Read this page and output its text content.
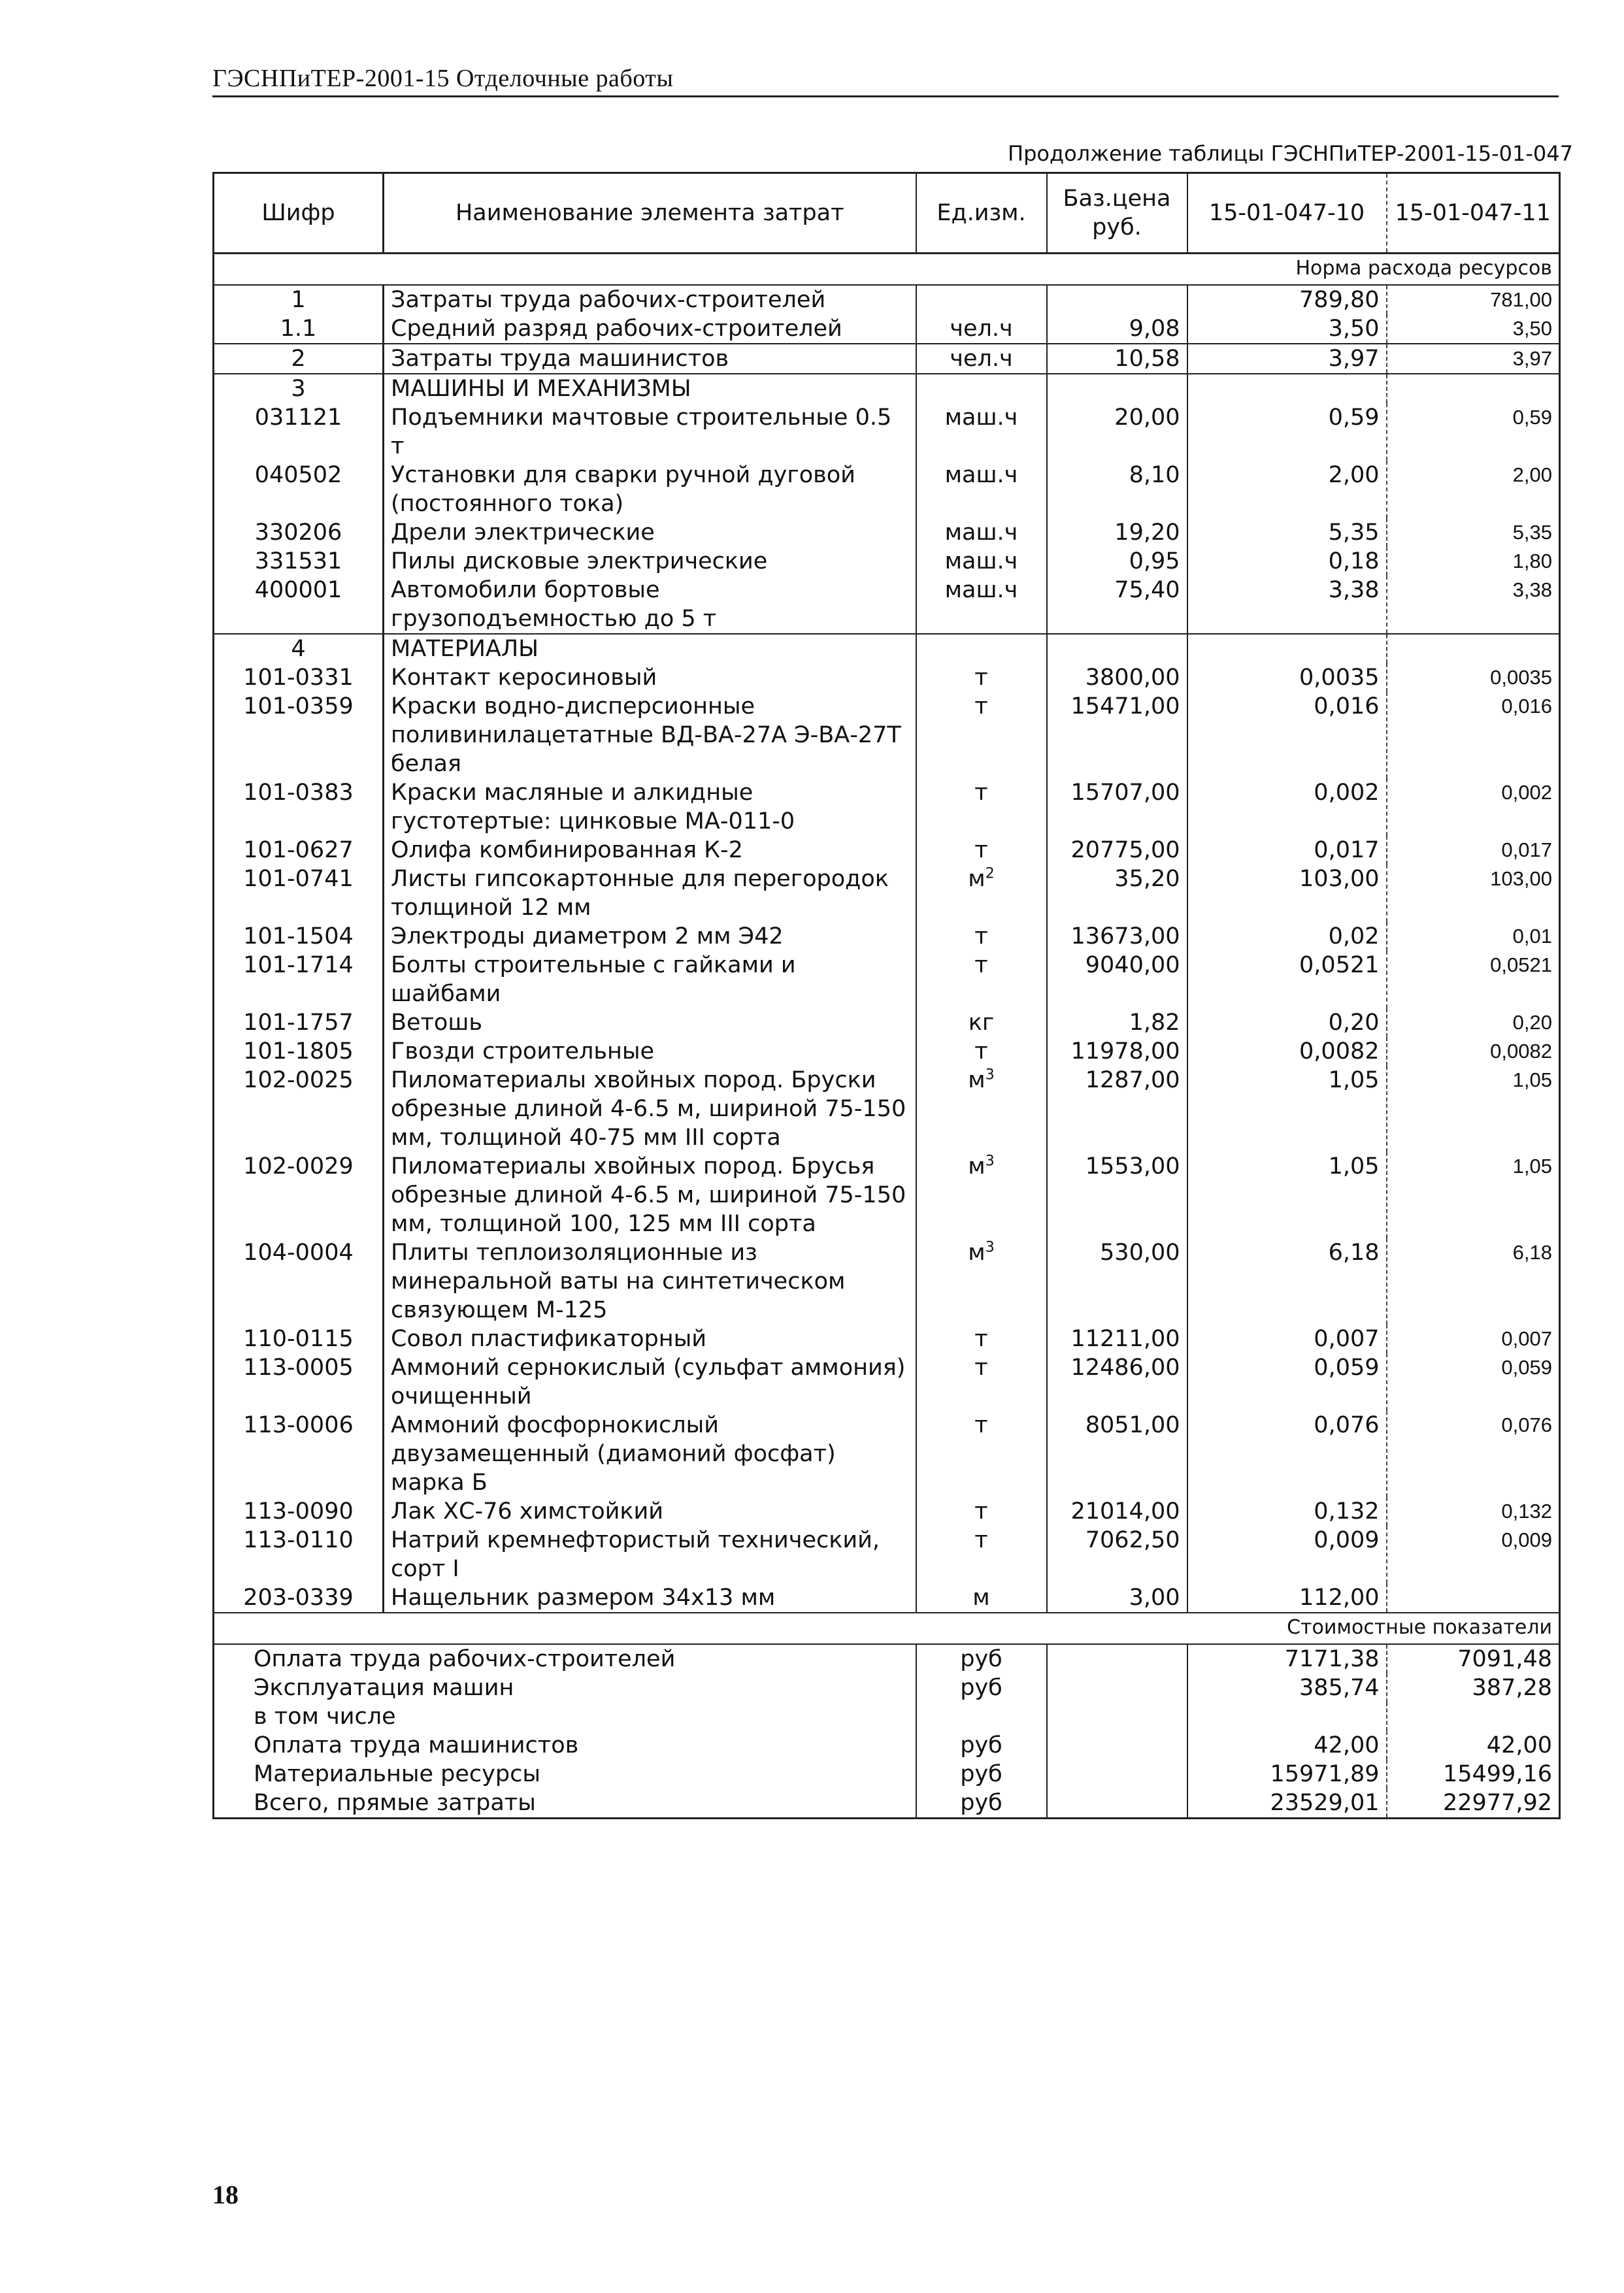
ГЭСНПиТЕР-2001-15 Отделочные работы
Продолжение таблицы ГЭСНПиТЕР-2001-15-01-047
Шифр	Наименование элемента затрат	Ед.изм.	Баз.цена руб.	15-01-047-10	15-01-047-11
Норма расхода ресурсов					
1	Затраты труда рабочих-строителей			789,80	781,00
1.1	Средний разряд рабочих-строителей	чел.ч	9,08	3,50	3,50
2	Затраты труда машинистов	чел.ч	10,58	3,97	3,97
3	МАШИНЫ И МЕХАНИЗМЫ				
031121	Подъемники мачтовые строительные 0.5 т	маш.ч	20,00	0,59	0,59
040502	Установки для сварки ручной дуговой (постоянного тока)	маш.ч	8,10	2,00	2,00
330206	Дрели электрические	маш.ч	19,20	5,35	5,35
331531	Пилы дисковые электрические	маш.ч	0,95	0,18	1,80
400001	Автомобили бортовые грузоподъемностью до 5 т	маш.ч	75,40	3,38	3,38
4	МАТЕРИАЛЫ				
101-0331	Контакт керосиновый	т	3800,00	0,0035	0,0035
101-0359	Краски водно-дисперсионные поливинилацетатные ВД-ВА-27А Э-ВА-27Т белая	т	15471,00	0,016	0,016
101-0383	Краски масляные и алкидные густотертые: цинковые МА-011-0	т	15707,00	0,002	0,002
101-0627	Олифа комбинированная К-2	т	20775,00	0,017	0,017
101-0741	Листы гипсокартонные для перегородок толщиной 12 мм	$м^2$	35,20	103,00	103,00
101-1504	Электроды диаметром 2 мм Э42	т	13673,00	0,02	0,01
101-1714	Болты строительные с гайками и шайбами	т	9040,00	0,0521	0,0521
101-1757	Ветошь	кг	1,82	0,20	0,20
101-1805	Гвозди строительные	т	11978,00	0,0082	0,0082
102-0025	Пиломатериалы хвойных пород. Бруски обрезные длиной 4-6.5 м, шириной 75-150 мм, толщиной 40-75 мм III сорта	$м^3$	1287,00	1,05	1,05
102-0029	Пиломатериалы хвойных пород. Брусья обрезные длиной 4-6.5 м, шириной 75-150 мм, толщиной 100, 125 мм III сорта	$м^3$	1553,00	1,05	1,05
104-0004	Плиты теплоизоляционные из минеральной ваты на синтетическом связующем М-125	$м^3$	530,00	6,18	6,18
110-0115	Совол пластификаторный	т	11211,00	0,007	0,007
113-0005	Аммоний сернокислый (сульфат аммония) очищенный	т	12486,00	0,059	0,059
113-0006	Аммоний фосфорнокислый двузамещенный (диамоний фосфат) марка Б	т	8051,00	0,076	0,076
113-0090	Лак ХС-76 химстойкий	т	21014,00	0,132	0,132
113-0110	Натрий кремнефтористый технический, сорт I	т	7062,50	0,009	0,009
203-0339	Нащельник размером 34х13 мм	м	3,00	112,00	
Стоимостные показатели					
Оплата труда рабочих-строителей		руб		7171,38	7091,48
Эксплуатация машин		руб		385,74	387,28
в том числе					
Оплата труда машинистов		руб		42,00	42,00
Материальные ресурсы		руб		15971,89	15499,16
Всего, прямые затраты		руб		23529,01	22977,92
18
